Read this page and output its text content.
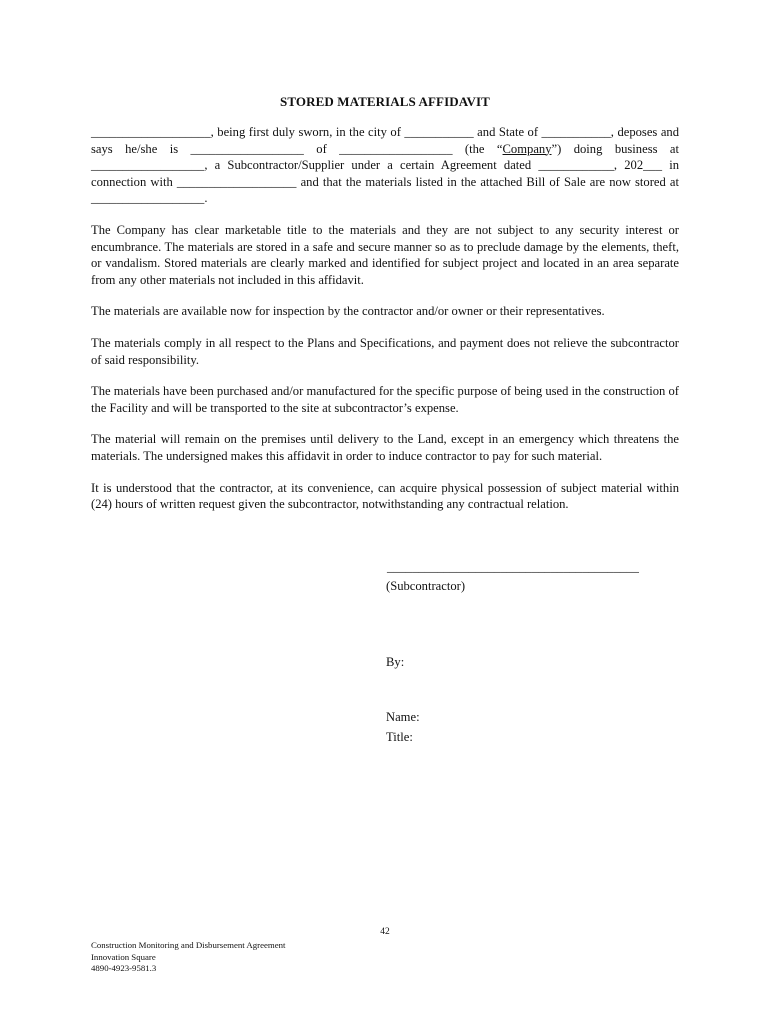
STORED MATERIALS AFFIDAVIT

___________________, being first duly sworn, in the city of ___________ and State of ___________, deposes and says he/she is __________________ of __________________ (the “Company”) doing business at __________________, a Subcontractor/Supplier under a certain Agreement dated ____________, 202___ in connection with ___________________ and that the materials listed in the attached Bill of Sale are now stored at __________________.

The Company has clear marketable title to the materials and they are not subject to any security interest or encumbrance. The materials are stored in a safe and secure manner so as to preclude damage by the elements, theft, or vandalism. Stored materials are clearly marked and identified for subject project and located in an area separate from any other materials not included in this affidavit.

The materials are available now for inspection by the contractor and/or owner or their representatives.

The materials comply in all respect to the Plans and Specifications, and payment does not relieve the subcontractor of said responsibility.

The materials have been purchased and/or manufactured for the specific purpose of being used in the construction of the Facility and will be transported to the site at subcontractor’s expense.

The material will remain on the premises until delivery to the Land, except in an emergency which threatens the materials. The undersigned makes this affidavit in order to induce contractor to pay for such material.

It is understood that the contractor, at its convenience, can acquire physical possession of subject material within (24) hours of written request given the subcontractor, notwithstanding any contractual relation.

________________________________________
(Subcontractor)
By:
Name:
Title:
42
Construction Monitoring and Disbursement Agreement
Innovation Square
4890-4923-9581.3
